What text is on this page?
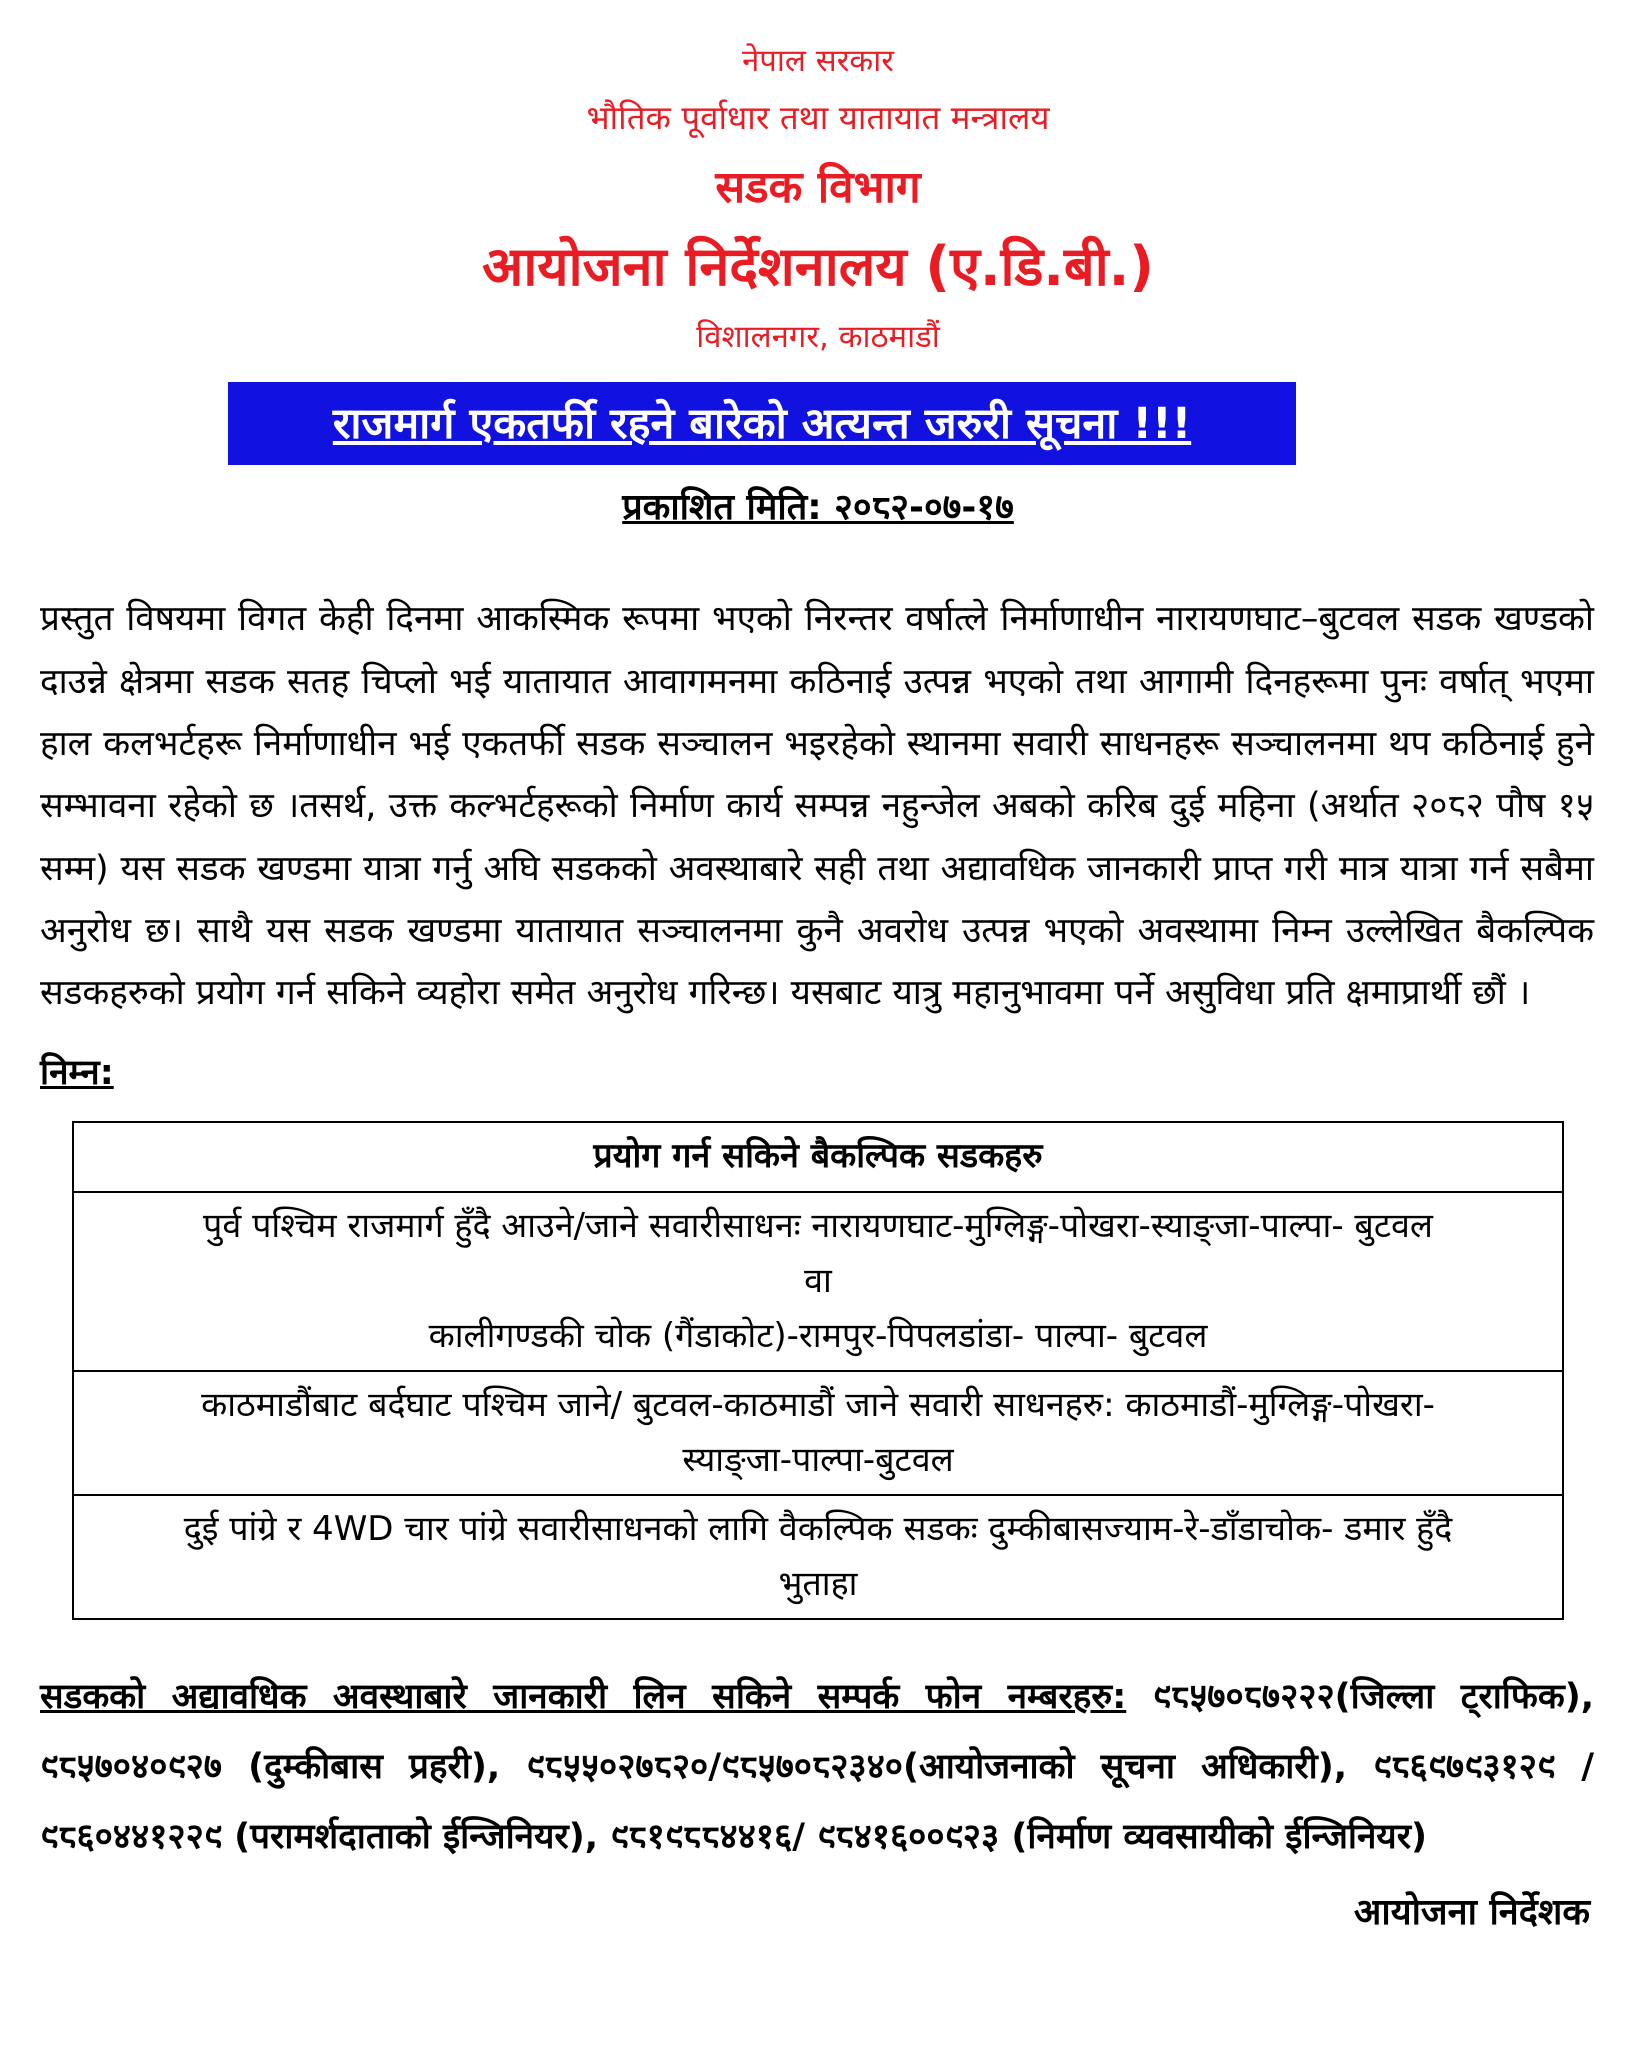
नेपाल सरकार
भौतिक पूर्वाधार तथा यातायात मन्त्रालय
सडक विभाग
आयोजना निर्देशनालय (ए.डि.बी.)
विशालनगर, काठमाडौं
राजमार्ग एकतर्फी रहने बारेको अत्यन्त जरुरी सूचना !!!
प्रकाशित मिति: २०८२-०७-१७

प्रस्तुत विषयमा विगत केही दिनमा आकस्मिक रूपमा भएको निरन्तर वर्षात्ले निर्माणाधीन नारायणघाट–बुटवल सडक खण्डको दाउन्ने क्षेत्रमा सडक सतह चिप्लो भई यातायात आवागमनमा कठिनाई उत्पन्न भएको तथा आगामी दिनहरूमा पुनः वर्षात् भएमा हाल कलभर्टहरू निर्माणाधीन भई एकतर्फी सडक सञ्चालन भइरहेको स्थानमा सवारी साधनहरू सञ्चालनमा थप कठिनाई हुने सम्भावना रहेको छ ।तसर्थ, उक्त कल्भर्टहरूको निर्माण कार्य सम्पन्न नहुन्जेल अबको करिब दुई महिना (अर्थात २०८२ पौष १५ सम्म) यस सडक खण्डमा यात्रा गर्नु अघि सडकको अवस्थाबारे सही तथा अद्यावधिक जानकारी प्राप्त गरी मात्र यात्रा गर्न सबैमा अनुरोध छ। साथै यस सडक खण्डमा यातायात सञ्चालनमा कुनै अवरोध उत्पन्न भएको अवस्थामा निम्न उल्लेखित बैकल्पिक सडकहरुको प्रयोग गर्न सकिने व्यहोरा समेत अनुरोध गरिन्छ। यसबाट यात्रु महानुभावमा पर्ने असुविधा प्रति क्षमाप्रार्थी छौं ।

निम्न:
प्रयोग गर्न सकिने बैकल्पिक सडकहरु

पुर्व पश्चिम राजमार्ग हुँदै आउने/जाने सवारीसाधनः नारायणघाट-मुग्लिङ्ग-पोखरा-स्याङ्जा-पाल्पा- बुटवल
वा
कालीगण्डकी चोक (गैंडाकोट)-रामपुर-पिपलडांडा- पाल्पा- बुटवल

काठमाडौंबाट बर्दघाट पश्चिम जाने/ बुटवल-काठमाडौं जाने सवारी साधनहरु: काठमाडौं-मुग्लिङ्ग-पोखरा-
स्याङ्जा-पाल्पा-बुटवल

दुई पांग्रे र 4WD चार पांग्रे सवारीसाधनको लागि वैकल्पिक सडकः दुम्कीबासज्याम-रे-डाँडाचोक- डमार हुँदै
भुताहा

सडकको अद्यावधिक अवस्थाबारे जानकारी लिन सकिने सम्पर्क फोन नम्बरहरु: ९८५७०८७२२२(जिल्ला ट्राफिक), ९८५७०४०९२७ (दुम्कीबास प्रहरी), ९८५५०२७८२०/९८५७०८२३४०(आयोजनाको सूचना अधिकारी), ९८६९७९३१२९ / ९८६०४४१२२९ (परामर्शदाताको ईन्जिनियर), ९८१९८८४४१६/ ९८४१६००९२३ (निर्माण व्यवसायीको ईन्जिनियर)

आयोजना निर्देशक
